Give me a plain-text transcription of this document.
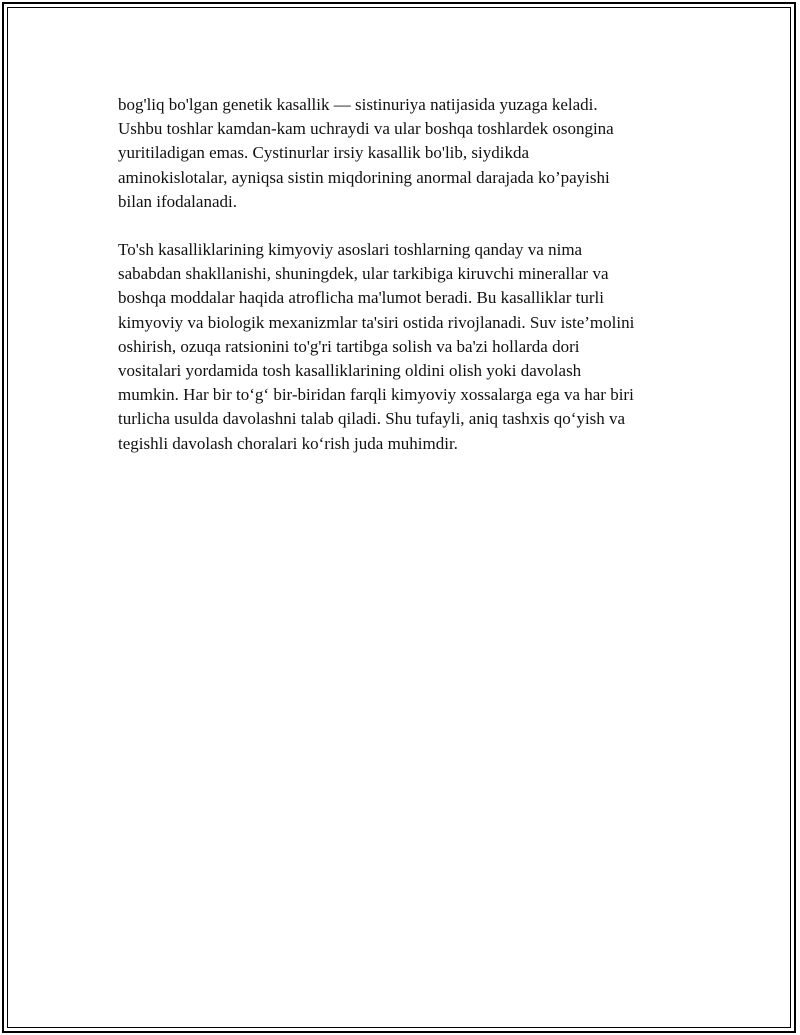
bog'liq bo'lgan genetik kasallik — sistinuriya natijasida yuzaga keladi.
Ushbu toshlar kamdan-kam uchraydi va ular boshqa toshlardek osongina
yuritiladigan emas. Cystinurlar irsiy kasallik bo'lib, siydikda
aminokislotalar, ayniqsa sistin miqdorining anormal darajada ko’payishi
bilan ifodalanadi.

To'sh kasalliklarining kimyoviy asoslari toshlarning qanday va nima
sababdan shakllanishi, shuningdek, ular tarkibiga kiruvchi minerallar va
boshqa moddalar haqida atroflicha ma'lumot beradi. Bu kasalliklar turli
kimyoviy va biologik mexanizmlar ta'siri ostida rivojlanadi. Suv iste’molini
oshirish, ozuqa ratsionini to'g'ri tartibga solish va ba'zi hollarda dori
vositalari yordamida tosh kasalliklarining oldini olish yoki davolash
mumkin. Har bir to‘g‘ bir-biridan farqli kimyoviy xossalarga ega va har biri
turlicha usulda davolashni talab qiladi. Shu tufayli, aniq tashxis qo‘yish va
tegishli davolash choralari ko‘rish juda muhimdir.
